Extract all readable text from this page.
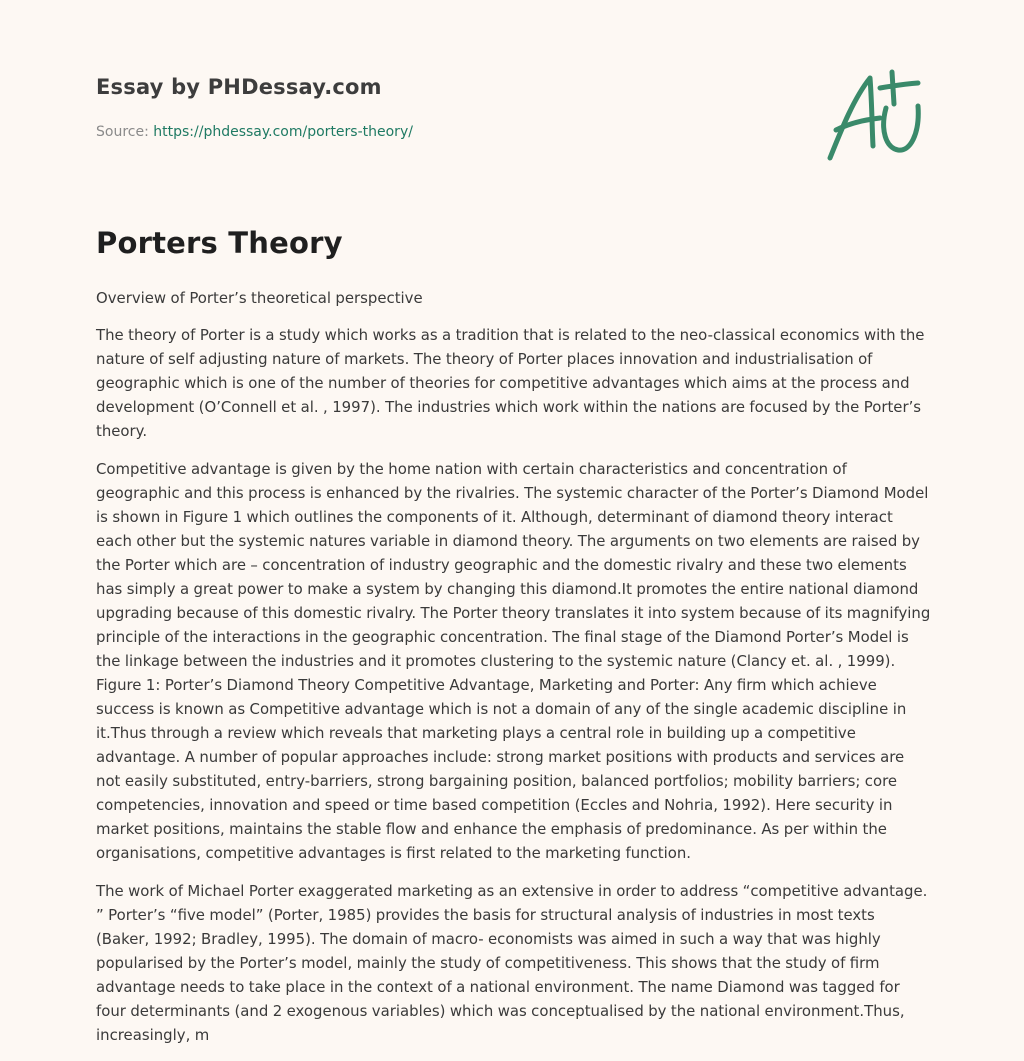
Essay by PHDessay.com

Source: https://phdessay.com/porters-theory/

Porters Theory

Overview of Porter’s theoretical perspective

The theory of Porter is a study which works as a tradition that is related to the neo-classical economics with the nature of self adjusting nature of markets. The theory of Porter places innovation and industrialisation of geographic which is one of the number of theories for competitive advantages which aims at the process and development (O’Connell et al. , 1997). The industries which work within the nations are focused by the Porter’s theory.

Competitive advantage is given by the home nation with certain characteristics and concentration of geographic and this process is enhanced by the rivalries. The systemic character of the Porter’s Diamond Model is shown in Figure 1 which outlines the components of it. Although, determinant of diamond theory interact each other but the systemic natures variable in diamond theory. The arguments on two elements are raised by the Porter which are – concentration of industry geographic and the domestic rivalry and these two elements has simply a great power to make a system by changing this diamond.It promotes the entire national diamond upgrading because of this domestic rivalry. The Porter theory translates it into system because of its magnifying principle of the interactions in the geographic concentration. The final stage of the Diamond Porter’s Model is the linkage between the industries and it promotes clustering to the systemic nature (Clancy et. al. , 1999). Figure 1: Porter’s Diamond Theory Competitive Advantage, Marketing and Porter: Any firm which achieve success is known as Competitive advantage which is not a domain of any of the single academic discipline in it.Thus through a review which reveals that marketing plays a central role in building up a competitive advantage. A number of popular approaches include: strong market positions with products and services are not easily substituted, entry-barriers, strong bargaining position, balanced portfolios; mobility barriers; core competencies, innovation and speed or time based competition (Eccles and Nohria, 1992). Here security in market positions, maintains the stable flow and enhance the emphasis of predominance. As per within the organisations, competitive advantages is first related to the marketing function.

The work of Michael Porter exaggerated marketing as an extensive in order to address “competitive advantage. ” Porter’s “five model” (Porter, 1985) provides the basis for structural analysis of industries in most texts (Baker, 1992; Bradley, 1995). The domain of macro- economists was aimed in such a way that was highly popularised by the Porter’s model, mainly the study of competitiveness. This shows that the study of firm advantage needs to take place in the context of a national environment. The name Diamond was tagged for four determinants (and 2 exogenous variables) which was conceptualised by the national environment.Thus, increasingly, m
